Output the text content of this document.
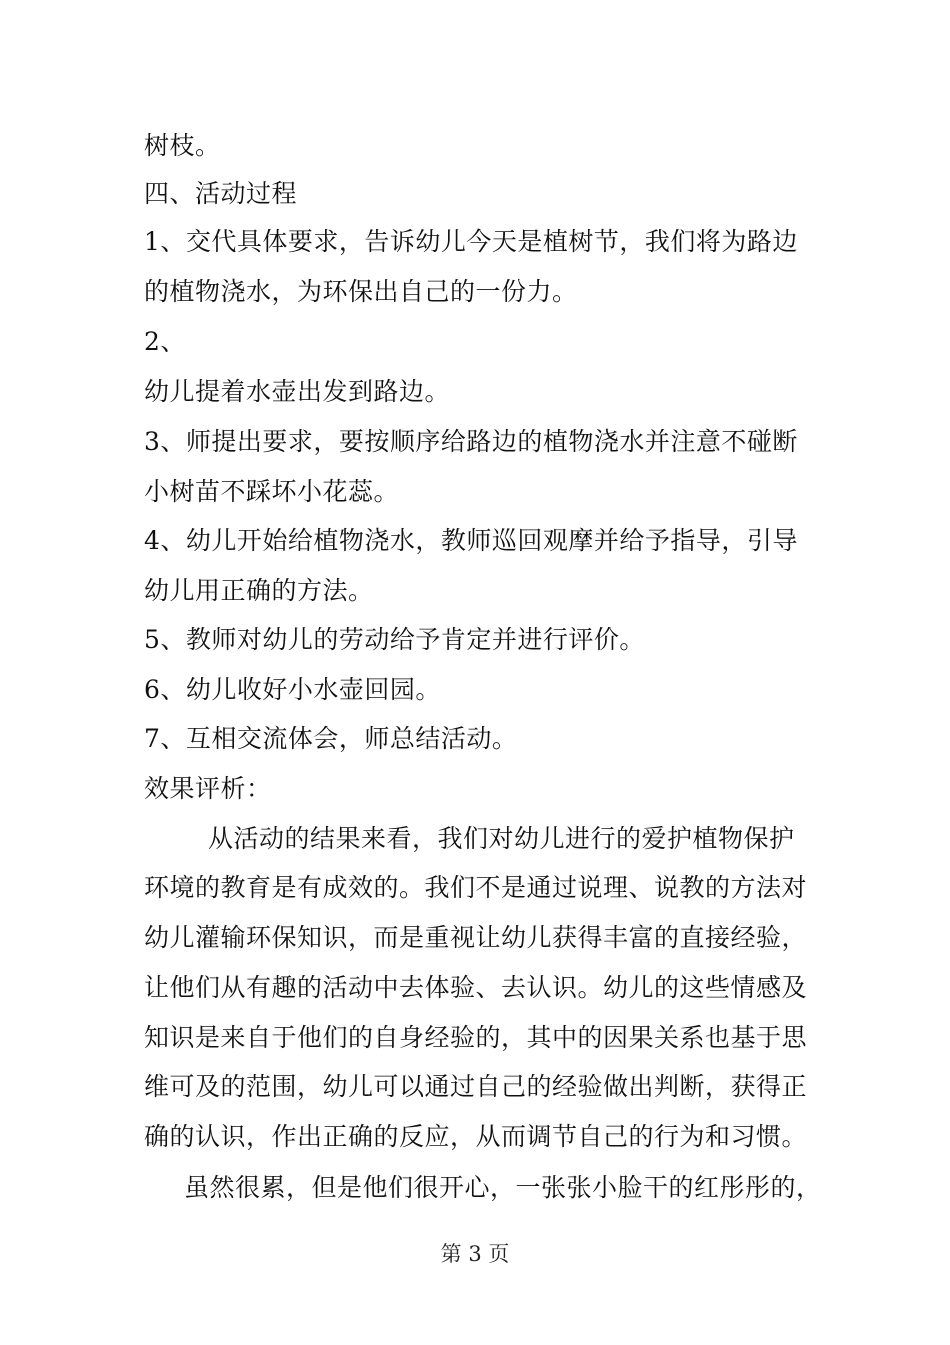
树枝。
四、活动过程
1、交代具体要求，告诉幼儿今天是植树节，我们将为路边
的植物浇水，为环保出自己的一份力。
2、
幼儿提着水壶出发到路边。
3、师提出要求，要按顺序给路边的植物浇水并注意不碰断
小树苗不踩坏小花蕊。
4、幼儿开始给植物浇水，教师巡回观摩并给予指导，引导
幼儿用正确的方法。
5、教师对幼儿的劳动给予肯定并进行评价。
6、幼儿收好小水壶回园。
7、互相交流体会，师总结活动。
效果评析：
从活动的结果来看，我们对幼儿进行的爱护植物保护
环境的教育是有成效的。我们不是通过说理、说教的方法对
幼儿灌输环保知识，而是重视让幼儿获得丰富的直接经验，
让他们从有趣的活动中去体验、去认识。幼儿的这些情感及
知识是来自于他们的自身经验的，其中的因果关系也基于思
维可及的范围，幼儿可以通过自己的经验做出判断，获得正
确的认识，作出正确的反应，从而调节自己的行为和习惯。
虽然很累，但是他们很开心，一张张小脸干的红彤彤的，
第 3 页
